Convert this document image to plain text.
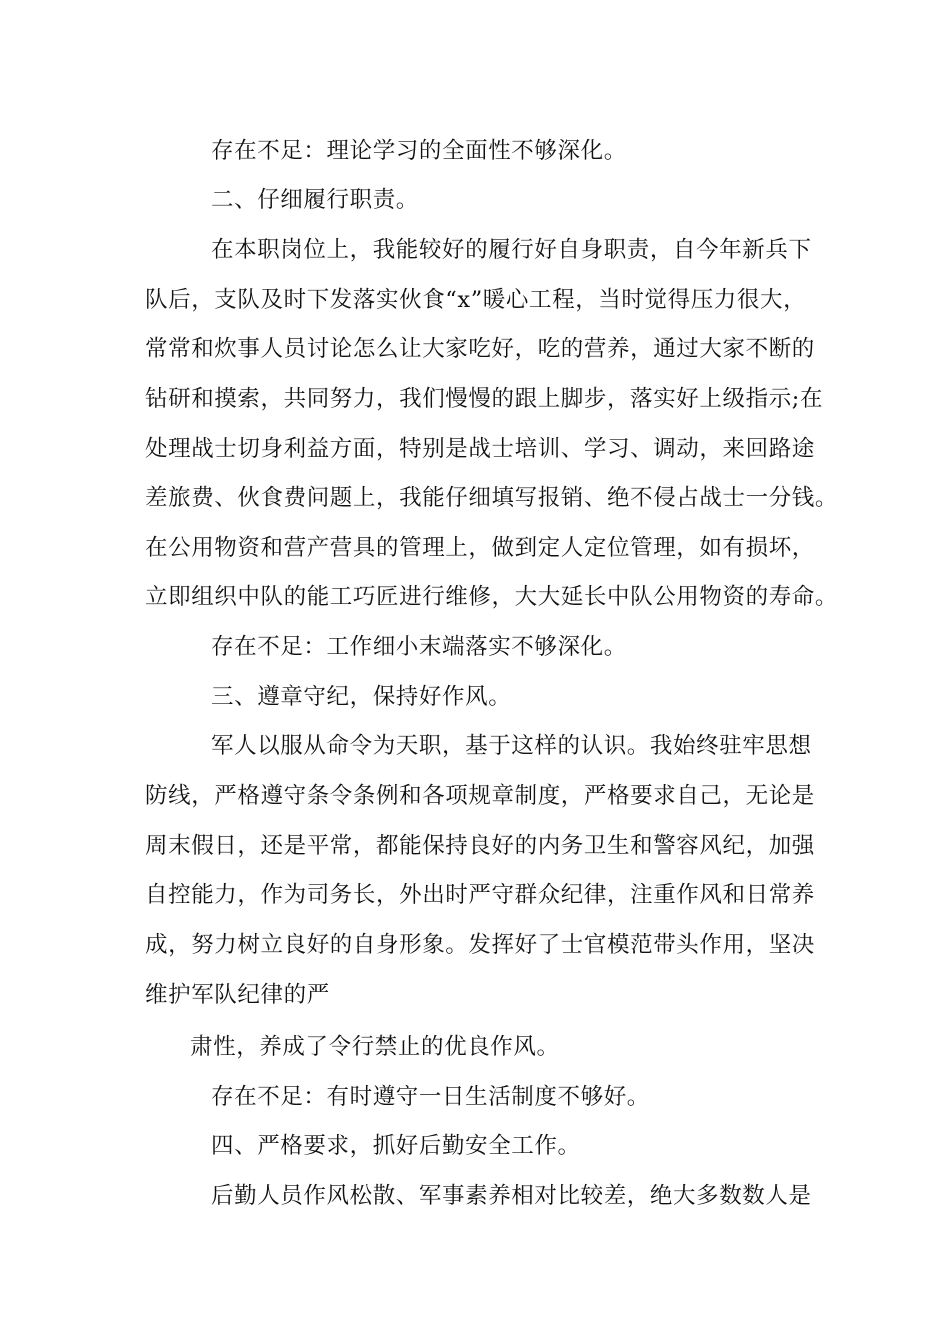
存在不足：理论学习的全面性不够深化。
二、仔细履行职责。
在本职岗位上，我能较好的履行好自身职责，自今年新兵下
队后，支队及时下发落实伙食“x”暖心工程，当时觉得压力很大，
常常和炊事人员讨论怎么让大家吃好，吃的营养，通过大家不断的
钻研和摸索，共同努力，我们慢慢的跟上脚步，落实好上级指示;在
处理战士切身利益方面，特别是战士培训、学习、调动，来回路途
差旅费、伙食费问题上，我能仔细填写报销、绝不侵占战士一分钱。
在公用物资和营产营具的管理上，做到定人定位管理，如有损坏，
立即组织中队的能工巧匠进行维修，大大延长中队公用物资的寿命。
存在不足：工作细小末端落实不够深化。
三、遵章守纪，保持好作风。
军人以服从命令为天职，基于这样的认识。我始终驻牢思想
防线，严格遵守条令条例和各项规章制度，严格要求自己，无论是
周末假日，还是平常，都能保持良好的内务卫生和警容风纪，加强
自控能力，作为司务长，外出时严守群众纪律，注重作风和日常养
成，努力树立良好的自身形象。发挥好了士官模范带头作用，坚决
维护军队纪律的严
肃性，养成了令行禁止的优良作风。
存在不足：有时遵守一日生活制度不够好。
四、严格要求，抓好后勤安全工作。
后勤人员作风松散、军事素养相对比较差，绝大多数数人是
